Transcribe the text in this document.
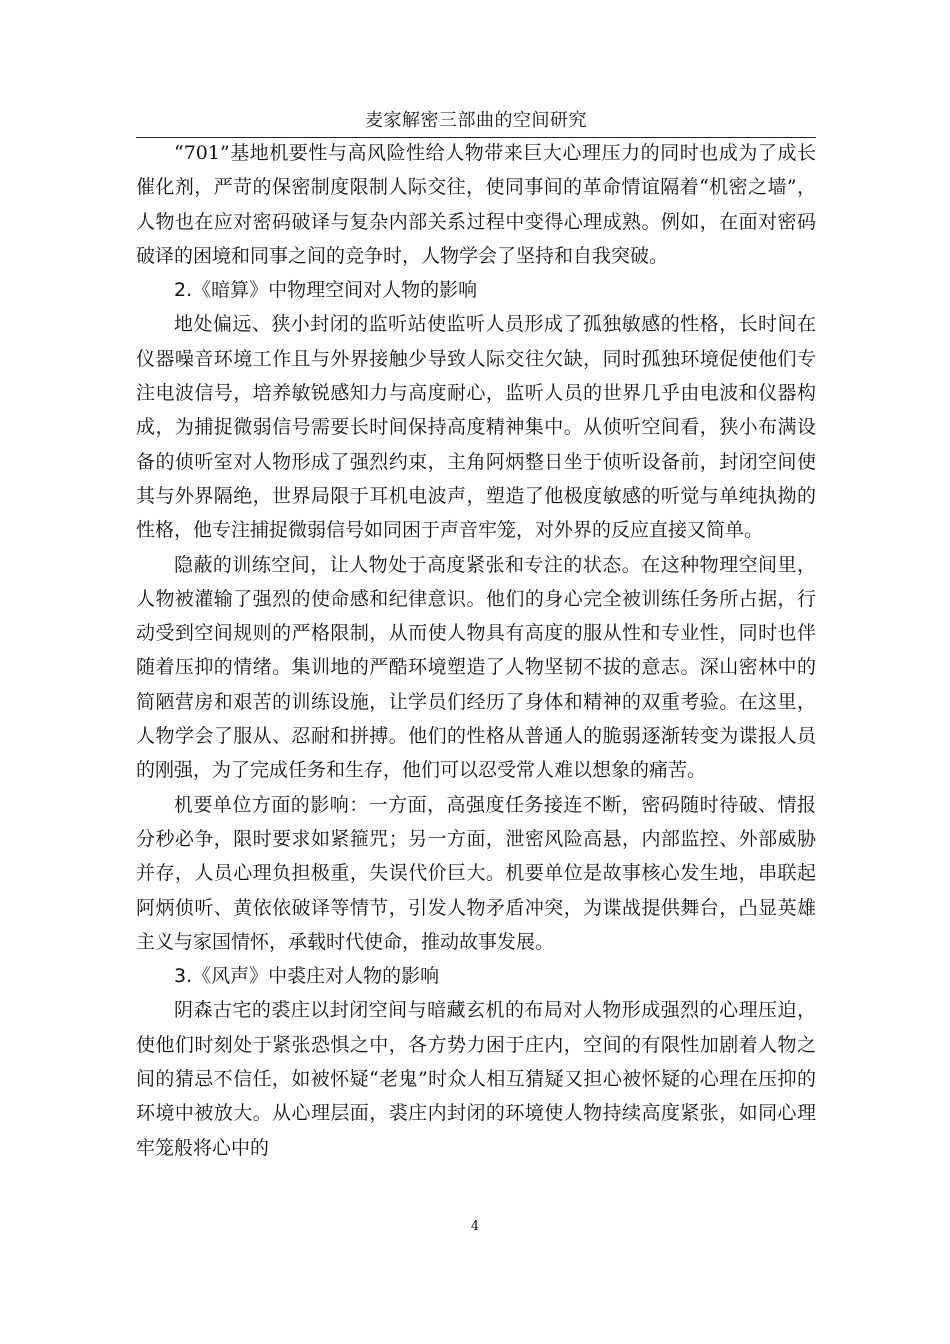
麦家解密三部曲的空间研究

“701”基地机要性与高风险性给人物带来巨大心理压力的同时也成为了成长催化剂，严苛的保密制度限制人际交往，使同事间的革命情谊隔着“机密之墙”，人物也在应对密码破译与复杂内部关系过程中变得心理成熟。例如，在面对密码破译的困境和同事之间的竞争时，人物学会了坚持和自我突破。

2.《暗算》中物理空间对人物的影响

地处偏远、狭小封闭的监听站使监听人员形成了孤独敏感的性格，长时间在仪器噪音环境工作且与外界接触少导致人际交往欠缺，同时孤独环境促使他们专注电波信号，培养敏锐感知力与高度耐心，监听人员的世界几乎由电波和仪器构成，为捕捉微弱信号需要长时间保持高度精神集中。从侦听空间看，狭小布满设备的侦听室对人物形成了强烈约束，主角阿炳整日坐于侦听设备前，封闭空间使其与外界隔绝，世界局限于耳机电波声，塑造了他极度敏感的听觉与单纯执拗的性格，他专注捕捉微弱信号如同困于声音牢笼，对外界的反应直接又简单。

隐蔽的训练空间，让人物处于高度紧张和专注的状态。在这种物理空间里，人物被灌输了强烈的使命感和纪律意识。他们的身心完全被训练任务所占据，行动受到空间规则的严格限制，从而使人物具有高度的服从性和专业性，同时也伴随着压抑的情绪。集训地的严酷环境塑造了人物坚韧不拔的意志。深山密林中的简陋营房和艰苦的训练设施，让学员们经历了身体和精神的双重考验。在这里，人物学会了服从、忍耐和拼搏。他们的性格从普通人的脆弱逐渐转变为谍报人员的刚强，为了完成任务和生存，他们可以忍受常人难以想象的痛苦。

机要单位方面的影响：一方面，高强度任务接连不断，密码随时待破、情报分秒必争，限时要求如紧箍咒；另一方面，泄密风险高悬，内部监控、外部威胁并存，人员心理负担极重，失误代价巨大。机要单位是故事核心发生地，串联起阿炳侦听、黄依依破译等情节，引发人物矛盾冲突，为谍战提供舞台，凸显英雄主义与家国情怀，承载时代使命，推动故事发展。

3.《风声》中裘庄对人物的影响

阴森古宅的裘庄以封闭空间与暗藏玄机的布局对人物形成强烈的心理压迫，使他们时刻处于紧张恐惧之中，各方势力困于庄内，空间的有限性加剧着人物之间的猜忌不信任，如被怀疑“老鬼”时众人相互猜疑又担心被怀疑的心理在压抑的环境中被放大。从心理层面，裘庄内封闭的环境使人物持续高度紧张，如同心理牢笼般将心中的

4
